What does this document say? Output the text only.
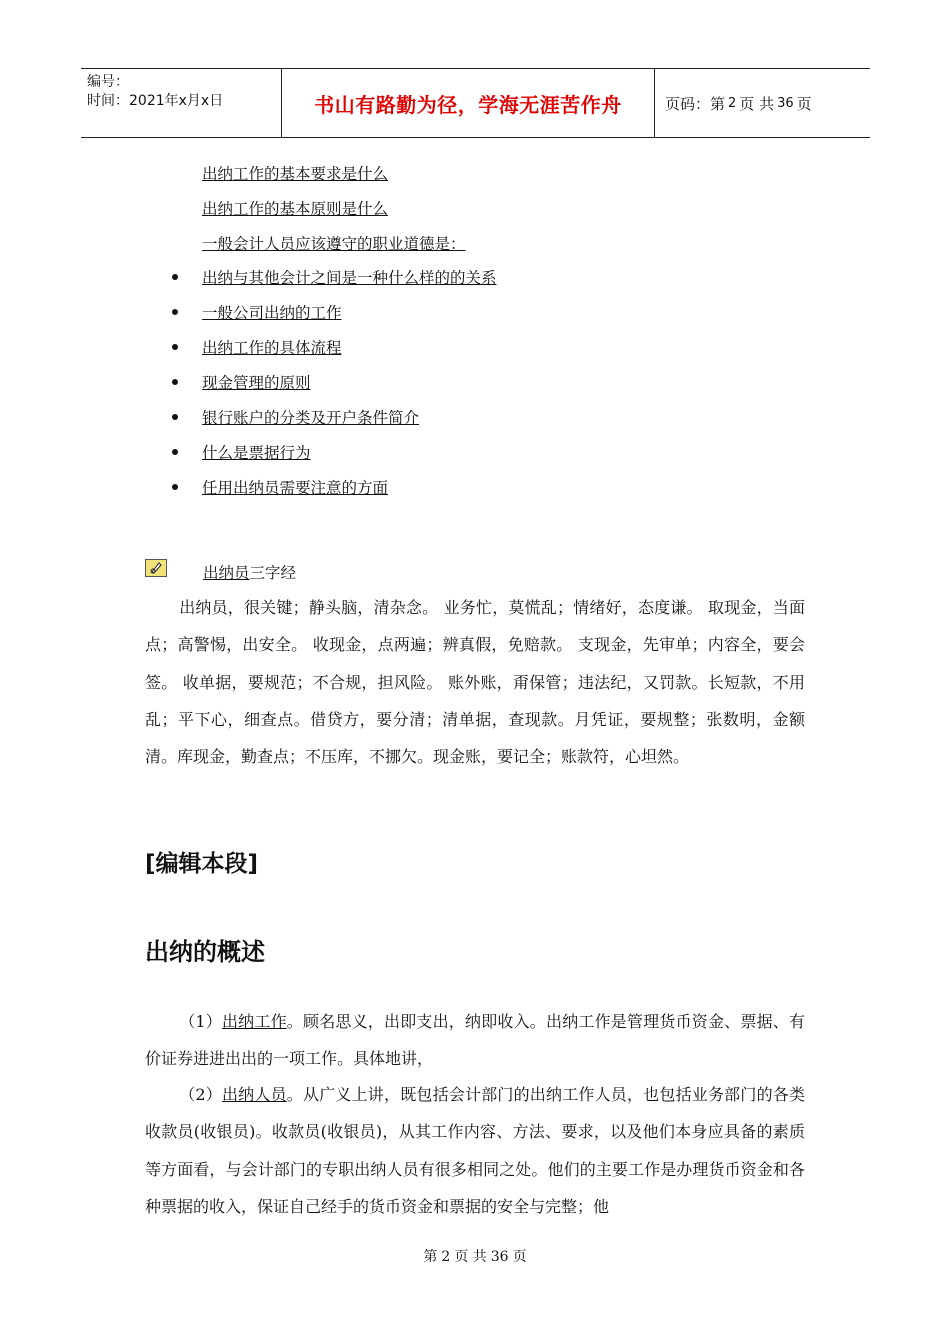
编号：
时间：2021年x月x日	书山有路勤为径，学海无涯苦作舟	页码：第 2 页 共 36 页
出纳工作的基本要求是什么
出纳工作的基本原则是什么
一般会计人员应该遵守的职业道德是：
出纳与其他会计之间是一种什么样的的关系
一般公司出纳的工作
出纳工作的具体流程
现金管理的原则
银行账户的分类及开户条件简介
什么是票据行为
任用出纳员需要注意的方面
出纳员三字经
出纳员，很关键；静头脑，清杂念。 业务忙，莫慌乱；情绪好，态度谦。 取现金，当面点；高警惕，出安全。 收现金，点两遍；辨真假，免赔款。 支现金，先审单；内容全，要会签。 收单据，要规范；不合规，担风险。 账外账，甭保管；违法纪，又罚款。长短款，不用乱；平下心，细查点。借贷方，要分清；清单据，查现款。月凭证，要规整；张数明，金额清。库现金，勤查点；不压库，不挪欠。现金账，要记全；账款符，心坦然。
[编辑本段]
出纳的概述
（1）出纳工作。顾名思义，出即支出，纳即收入。出纳工作是管理货币资金、票据、有价证券进进出出的一项工作。具体地讲，
（2）出纳人员。从广义上讲，既包括会计部门的出纳工作人员，也包括业务部门的各类收款员(收银员)。收款员(收银员)，从其工作内容、方法、要求，以及他们本身应具备的素质等方面看，与会计部门的专职出纳人员有很多相同之处。他们的主要工作是办理货币资金和各种票据的收入，保证自己经手的货币资金和票据的安全与完整；他
第 2 页 共 36 页
